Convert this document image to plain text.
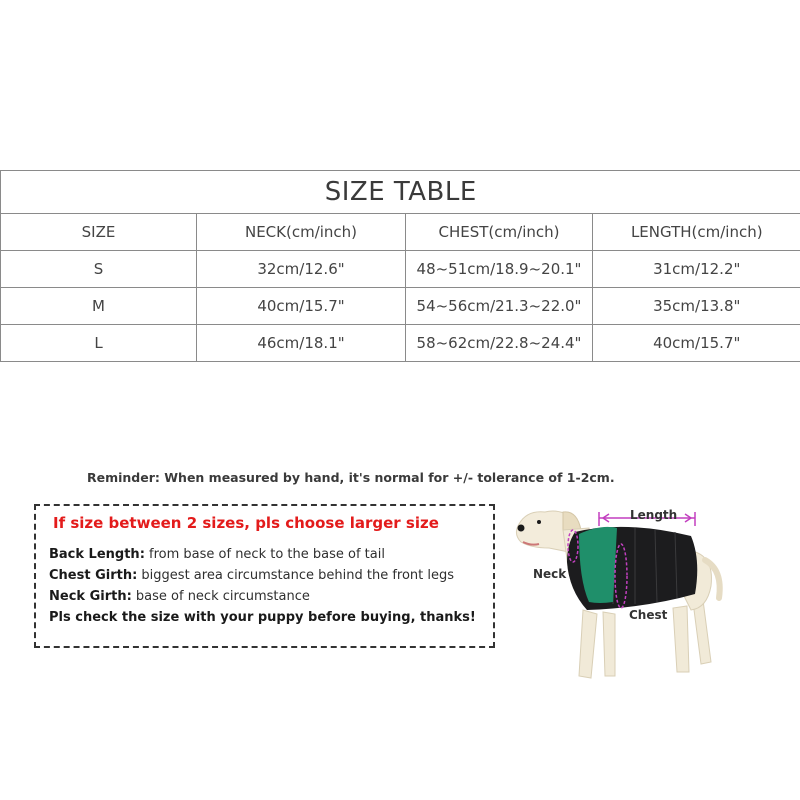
SIZE TABLE			
SIZE	NECK(cm/inch)	CHEST(cm/inch)	LENGTH(cm/inch)
S	32cm/12.6"	48~51cm/18.9~20.1"	31cm/12.2"
M	40cm/15.7"	54~56cm/21.3~22.0"	35cm/13.8"
L	46cm/18.1"	58~62cm/22.8~24.4"	40cm/15.7"
Reminder: When measured by hand, it's normal for +/- tolerance of 1-2cm.
If size between 2 sizes, pls choose larger size
Back Length: from base of neck to the base of tail
Chest Girth: biggest area circumstance behind the front legs
Neck Girth: base of neck circumstance
Pls check the size with your puppy before buying, thanks!
Length
Neck
Chest
